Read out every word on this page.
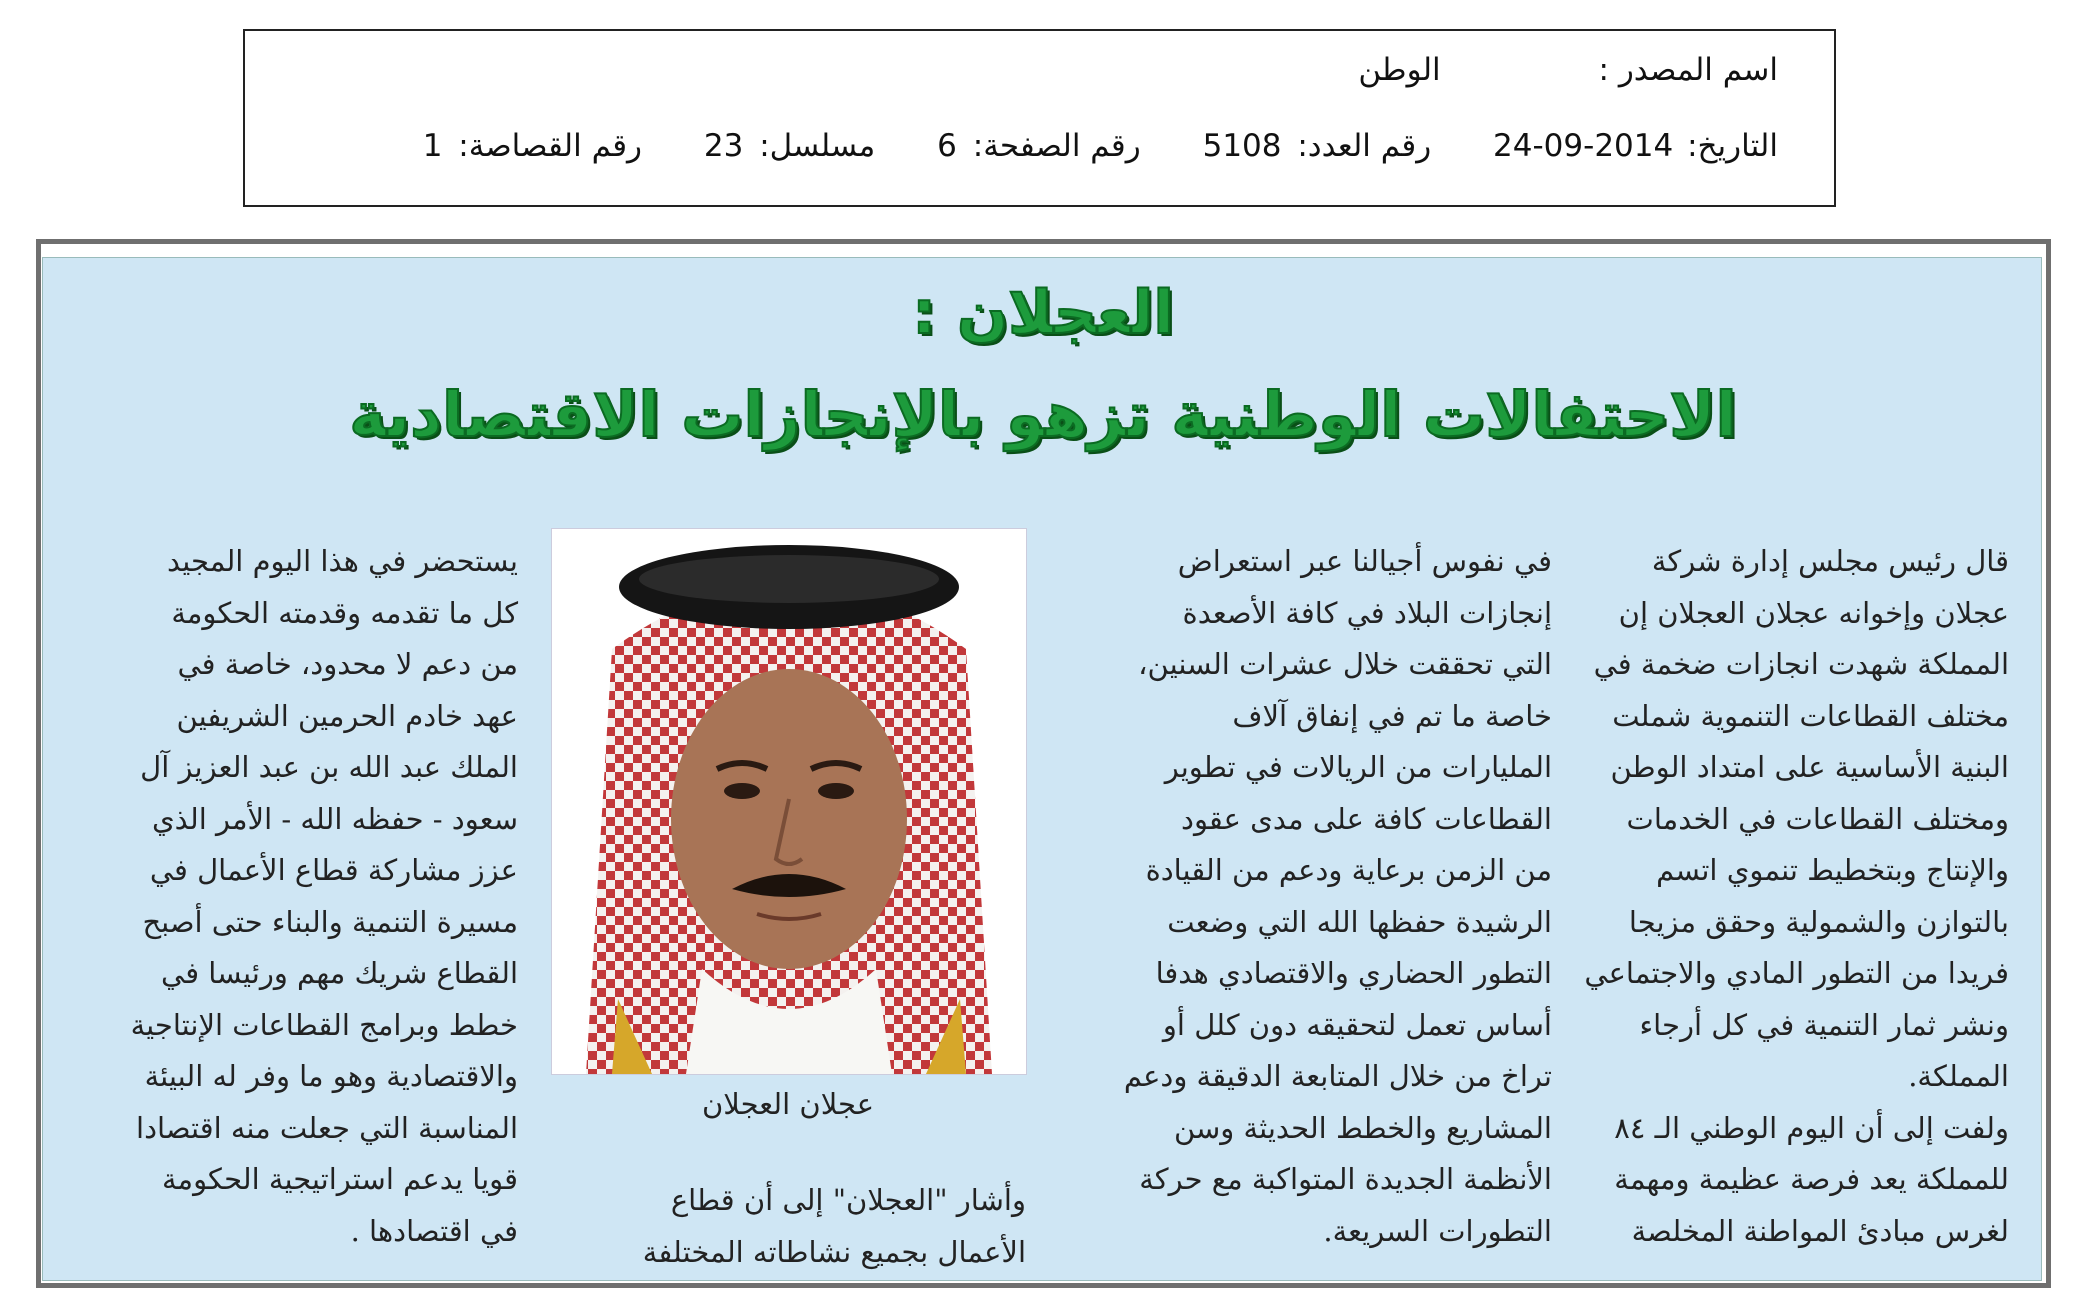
اسم المصدر : الوطن
التاريخ: 2014-09-24 رقم العدد: 5108 رقم الصفحة: 6 مسلسل: 23 رقم القصاصة: 1
العجلان :
الاحتفالات الوطنية تزهو بالإنجازات الاقتصادية
قال رئيس مجلس إدارة شركة
عجلان وإخوانه عجلان العجلان إن
المملكة شهدت انجازات ضخمة في
مختلف القطاعات التنموية شملت
البنية الأساسية على امتداد الوطن
ومختلف القطاعات في الخدمات
والإنتاج وبتخطيط تنموي اتسم
بالتوازن والشمولية وحقق مزيجا
فريدا من التطور المادي والاجتماعي
ونشر ثمار التنمية في كل أرجاء
المملكة.
ولفت إلى أن اليوم الوطني الـ ٨٤
للمملكة يعد فرصة عظيمة ومهمة
لغرس مبادئ المواطنة المخلصة
في نفوس أجيالنا عبر استعراض
إنجازات البلاد في كافة الأصعدة
التي تحققت خلال عشرات السنين،
خاصة ما تم في إنفاق آلاف
المليارات من الريالات في تطوير
القطاعات كافة على مدى عقود
من الزمن برعاية ودعم من القيادة
الرشيدة حفظها الله التي وضعت
التطور الحضاري والاقتصادي هدفا
أساس تعمل لتحقيقه دون كلل أو
تراخ من خلال المتابعة الدقيقة ودعم
المشاريع والخطط الحديثة وسن
الأنظمة الجديدة المتواكبة مع حركة
التطورات السريعة.
عجلان العجلان
وأشار "العجلان" إلى أن قطاع
الأعمال بجميع نشاطاته المختلفة
يستحضر في هذا اليوم المجيد
كل ما تقدمه وقدمته الحكومة
من دعم لا محدود، خاصة في
عهد خادم الحرمين الشريفين
الملك عبد الله بن عبد العزيز آل
سعود - حفظه الله - الأمر الذي
عزز مشاركة قطاع الأعمال في
مسيرة التنمية والبناء حتى أصبح
القطاع شريك مهم ورئيسا في
خطط وبرامج القطاعات الإنتاجية
والاقتصادية وهو ما وفر له البيئة
المناسبة التي جعلت منه اقتصادا
قويا يدعم استراتيجية الحكومة
في اقتصادها .
